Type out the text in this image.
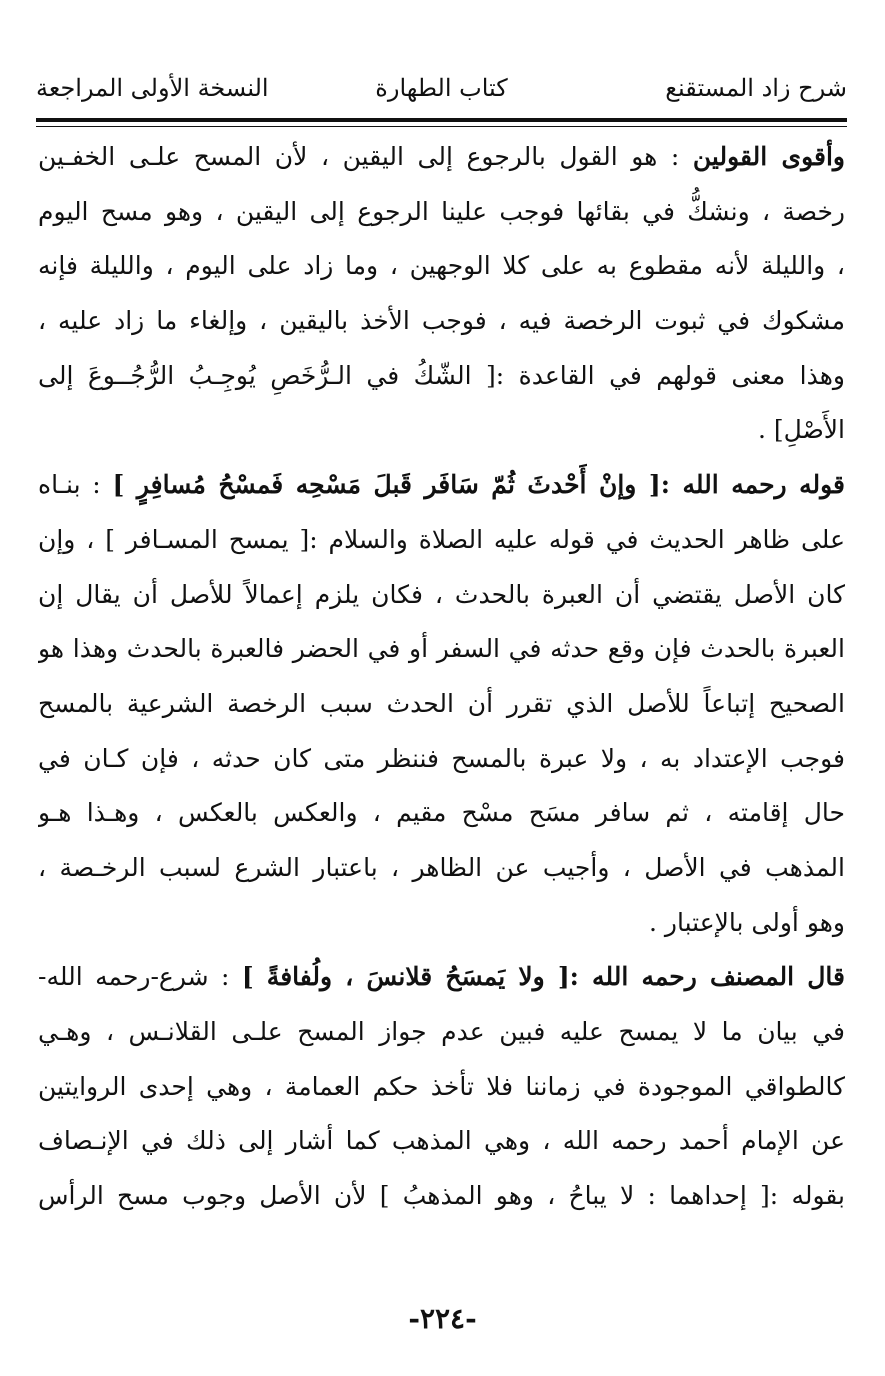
شرح زاد المستقنع
كتاب الطهارة
النسخة الأولى المراجعة
وأقوى القولين : هو القول بالرجوع إلى اليقين ، لأن المسح علـى الخفـين
رخصة ، ونشكُّ في بقائها فوجب علينا الرجوع إلى اليقين ، وهو مسح اليوم
، والليلة لأنه مقطوع به على كلا الوجهين ، وما زاد على اليوم ، والليلة فإنه
مشكوك في ثبوت الرخصة فيه ، فوجب الأخذ باليقين ، وإلغاء ما زاد عليه ،
وهذا معنى قولهم في القاعدة :[ الشّكُ في الـرُّخَصِ يُوجِـبُ الرُّجُــوعَ إلى
الأَصْلِ] .
قوله رحمه الله :[ وإنْ أَحْدثَ ثُمّ سَافَر قَبلَ مَسْحِه فَمسْحُ مُسافِرٍ ] : بنـاه
على ظاهر الحديث في قوله عليه الصلاة والسلام :[ يمسح المسـافر ] ، وإن
كان الأصل يقتضي أن العبرة بالحدث ، فكان يلزم إعمالاً للأصل أن يقال إن
العبرة بالحدث فإن وقع حدثه في السفر أو في الحضر فالعبرة بالحدث وهذا هو
الصحيح إتباعاً للأصل الذي تقرر أن الحدث سبب الرخصة الشرعية بالمسح
فوجب الإعتداد به ، ولا عبرة بالمسح فننظر متى كان حدثه ، فإن كـان في
حال إقامته ، ثم سافر مسَح مسْح مقيم ، والعكس بالعكس ، وهـذا هـو
المذهب في الأصل ، وأجيب عن الظاهر ، باعتبار الشرع لسبب الرخـصة ،
وهو أولى بالإعتبار .
قال المصنف رحمه الله :[ ولا يَمسَحُ قلانسَ ، ولُفافةً ] : شرع-رحمه الله-
في بيان ما لا يمسح عليه فبين عدم جواز المسح علـى القلانـس ، وهـي
كالطواقي الموجودة في زماننا فلا تأخذ حكم العمامة ، وهي إحدى الروايتين
عن الإمام أحمد رحمه الله ، وهي المذهب كما أشار إلى ذلك في الإنـصاف
بقوله :[ إحداهما : لا يباحُ ، وهو المذهبُ ] لأن الأصل وجوب مسح الرأس
-٢٢٤-
